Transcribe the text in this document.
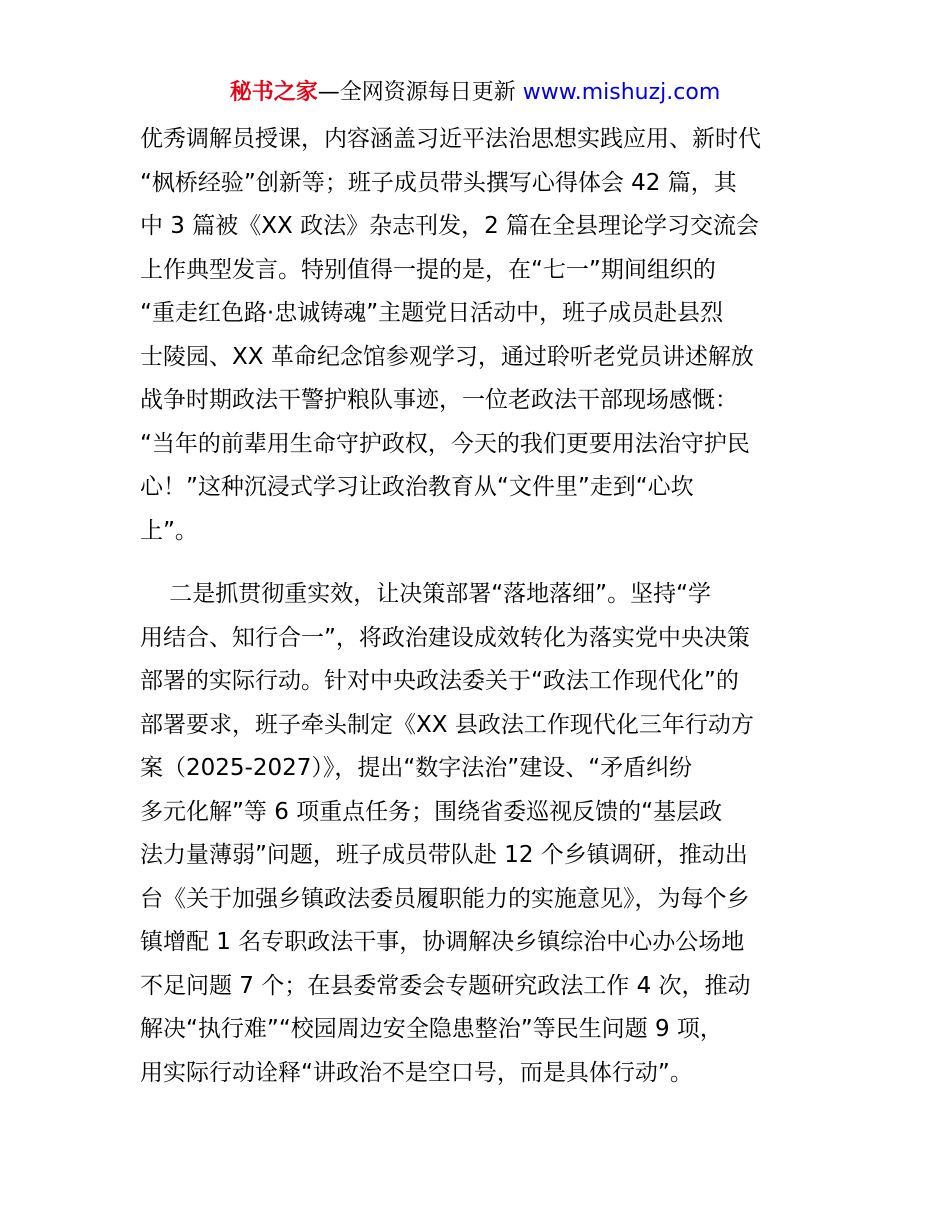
秘书之家—全网资源每日更新 www.mishuzj.com
优秀调解员授课，内容涵盖习近平法治思想实践应用、新时代
“枫桥经验”创新等；班子成员带头撰写心得体会 42 篇，其
中 3 篇被《XX 政法》杂志刊发，2 篇在全县理论学习交流会
上作典型发言。特别值得一提的是，在“七一”期间组织的
“重走红色路·忠诚铸魂”主题党日活动中，班子成员赴县烈
士陵园、XX 革命纪念馆参观学习，通过聆听老党员讲述解放
战争时期政法干警护粮队事迹，一位老政法干部现场感慨：
“当年的前辈用生命守护政权，今天的我们更要用法治守护民
心！”这种沉浸式学习让政治教育从“文件里”走到“心坎
上”。
二是抓贯彻重实效，让决策部署“落地落细”。坚持“学
用结合、知行合一”，将政治建设成效转化为落实党中央决策
部署的实际行动。针对中央政法委关于“政法工作现代化”的
部署要求，班子牵头制定《XX 县政法工作现代化三年行动方
案（2025-2027）》，提出“数字法治”建设、“矛盾纠纷
多元化解”等 6 项重点任务；围绕省委巡视反馈的“基层政
法力量薄弱”问题，班子成员带队赴 12 个乡镇调研，推动出
台《关于加强乡镇政法委员履职能力的实施意见》，为每个乡
镇增配 1 名专职政法干事，协调解决乡镇综治中心办公场地
不足问题 7 个；在县委常委会专题研究政法工作 4 次，推动
解决“执行难”“校园周边安全隐患整治”等民生问题 9 项，
用实际行动诠释“讲政治不是空口号，而是具体行动”。
